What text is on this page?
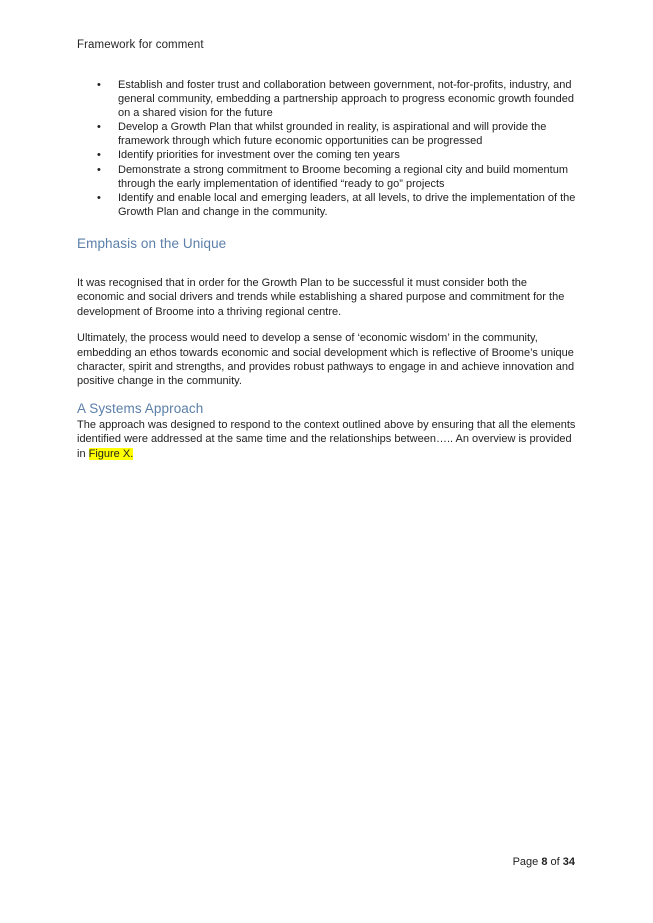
Framework for comment
• Establish and foster trust and collaboration between government, not-for-profits, industry, and general community, embedding a partnership approach to progress economic growth founded on a shared vision for the future
• Develop a Growth Plan that whilst grounded in reality, is aspirational and will provide the framework through which future economic opportunities can be progressed
• Identify priorities for investment over the coming ten years
• Demonstrate a strong commitment to Broome becoming a regional city and build momentum through the early implementation of identified “ready to go” projects
• Identify and enable local and emerging leaders, at all levels, to drive the implementation of the Growth Plan and change in the community.
Emphasis on the Unique

It was recognised that in order for the Growth Plan to be successful it must consider both the economic and social drivers and trends while establishing a shared purpose and commitment for the development of Broome into a thriving regional centre.

Ultimately, the process would need to develop a sense of ‘economic wisdom’ in the community, embedding an ethos towards economic and social development which is reflective of Broome’s unique character, spirit and strengths, and provides robust pathways to engage in and achieve innovation and positive change in the community.

A Systems Approach

The approach was designed to respond to the context outlined above by ensuring that all the elements identified were addressed at the same time and the relationships between….. An overview is provided in Figure X.

Page 8 of 34
